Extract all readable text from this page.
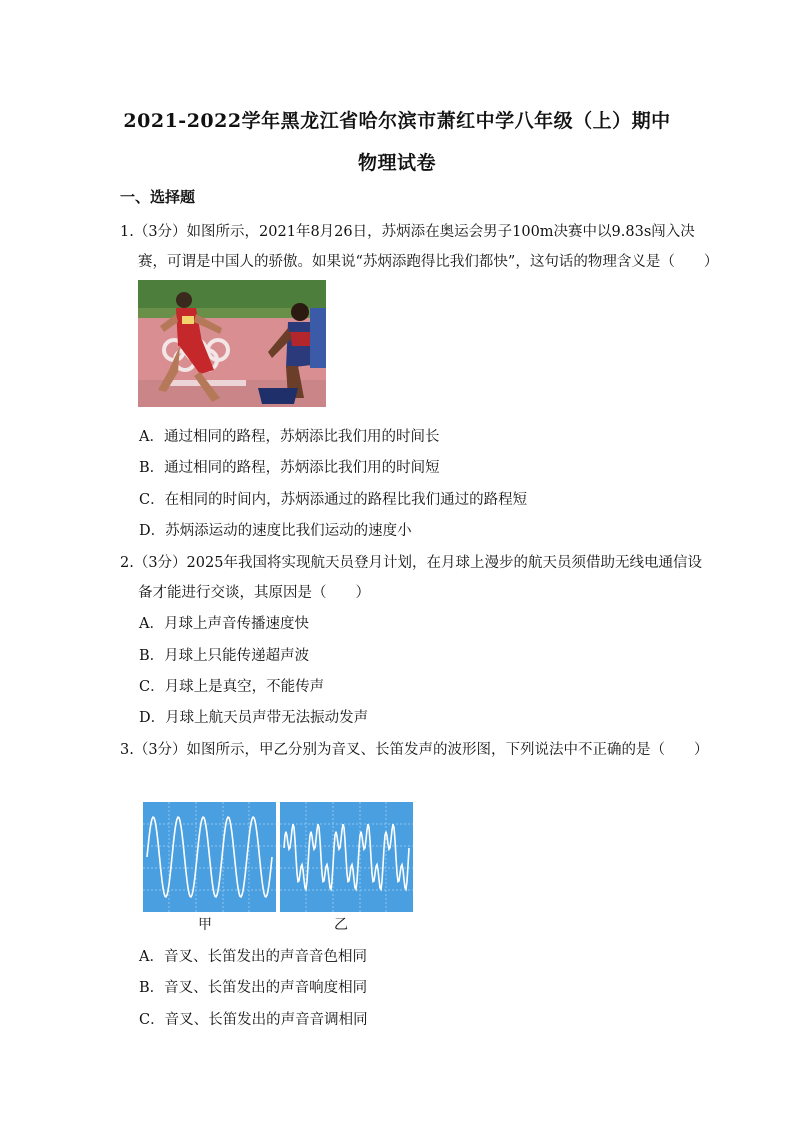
2021-2022学年黑龙江省哈尔滨市萧红中学八年级（上）期中
物理试卷
一、选择题
1.（3分）如图所示，2021年8月26日，苏炳添在奥运会男子100m决赛中以9.83s闯入决
赛，可谓是中国人的骄傲。如果说“苏炳添跑得比我们都快”，这句话的物理含义是（　　）
A．通过相同的路程，苏炳添比我们用的时间长
B．通过相同的路程，苏炳添比我们用的时间短
C．在相同的时间内，苏炳添通过的路程比我们通过的路程短
D．苏炳添运动的速度比我们运动的速度小
2.（3分）2025年我国将实现航天员登月计划，在月球上漫步的航天员须借助无线电通信设
备才能进行交谈，其原因是（　　）
A．月球上声音传播速度快
B．月球上只能传递超声波
C．月球上是真空，不能传声
D．月球上航天员声带无法振动发声
3.（3分）如图所示，甲乙分别为音叉、长笛发声的波形图，下列说法中不正确的是（　　）
甲	乙
A．音叉、长笛发出的声音音色相同
B．音叉、长笛发出的声音响度相同
C．音叉、长笛发出的声音音调相同
